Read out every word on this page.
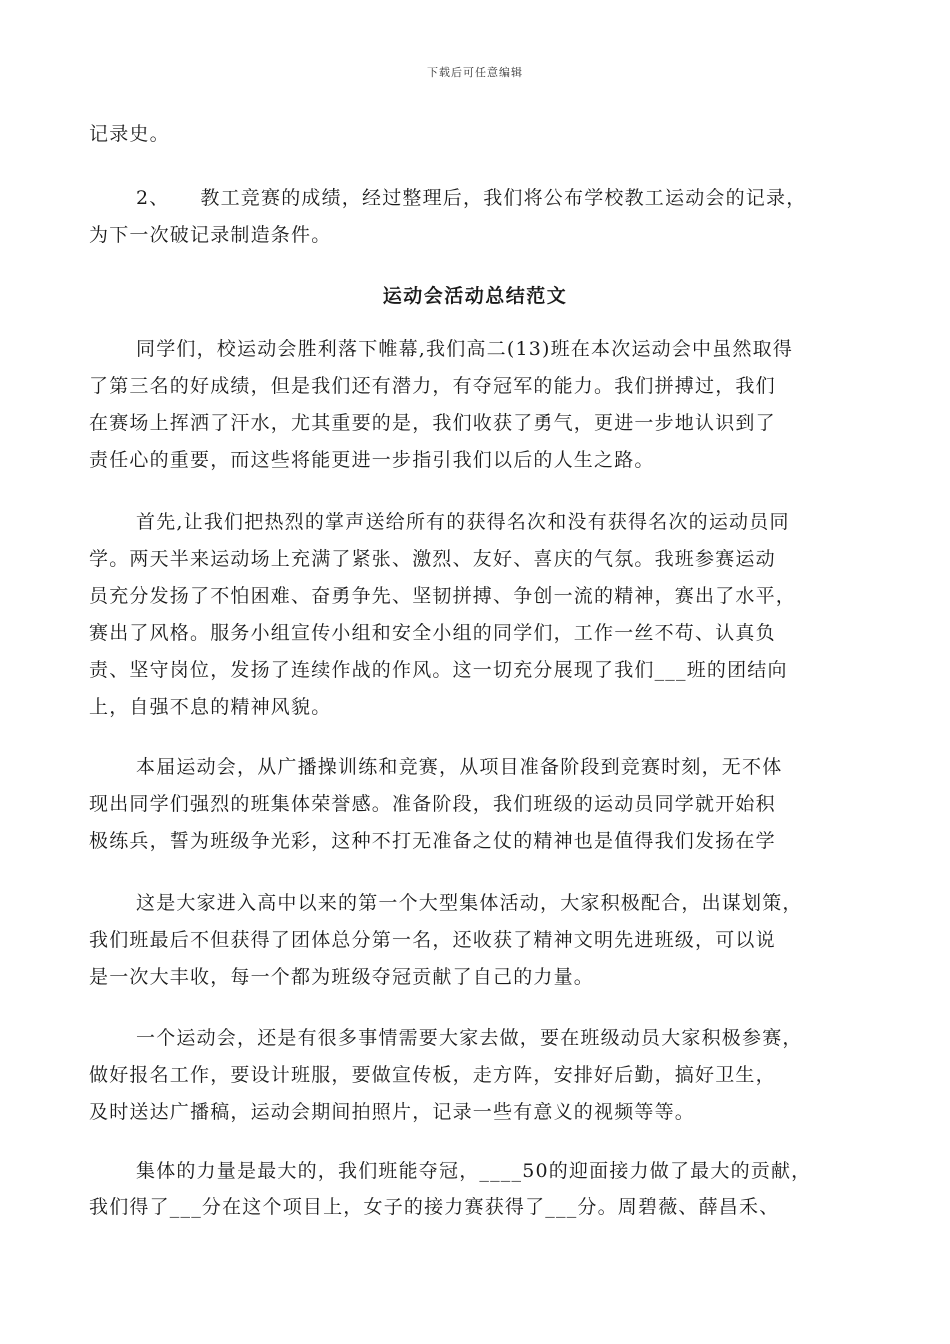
下载后可任意编辑
记录史。
2、　　教工竞赛的成绩，经过整理后，我们将公布学校教工运动会的记录，
为下一次破记录制造条件。
运动会活动总结范文
同学们，校运动会胜利落下帷幕,我们高二(13)班在本次运动会中虽然取得
了第三名的好成绩，但是我们还有潜力，有夺冠军的能力。我们拼搏过，我们
在赛场上挥洒了汗水，尤其重要的是，我们收获了勇气，更进一步地认识到了
责任心的重要，而这些将能更进一步指引我们以后的人生之路。
首先,让我们把热烈的掌声送给所有的获得名次和没有获得名次的运动员同
学。两天半来运动场上充满了紧张、激烈、友好、喜庆的气氛。我班参赛运动
员充分发扬了不怕困难、奋勇争先、坚韧拼搏、争创一流的精神，赛出了水平，
赛出了风格。服务小组宣传小组和安全小组的同学们，工作一丝不苟、认真负
责、坚守岗位，发扬了连续作战的作风。这一切充分展现了我们___班的团结向
上，自强不息的精神风貌。
本届运动会，从广播操训练和竞赛，从项目准备阶段到竞赛时刻，无不体
现出同学们强烈的班集体荣誉感。准备阶段，我们班级的运动员同学就开始积
极练兵，誓为班级争光彩，这种不打无准备之仗的精神也是值得我们发扬在学
这是大家进入高中以来的第一个大型集体活动，大家积极配合，出谋划策，
我们班最后不但获得了团体总分第一名，还收获了精神文明先进班级，可以说
是一次大丰收，每一个都为班级夺冠贡献了自己的力量。
一个运动会，还是有很多事情需要大家去做，要在班级动员大家积极参赛，
做好报名工作，要设计班服，要做宣传板，走方阵，安排好后勤，搞好卫生，
及时送达广播稿，运动会期间拍照片，记录一些有意义的视频等等。
集体的力量是最大的，我们班能夺冠，____50的迎面接力做了最大的贡献，
我们得了___分在这个项目上，女子的接力赛获得了___分。周碧薇、薛昌禾、
